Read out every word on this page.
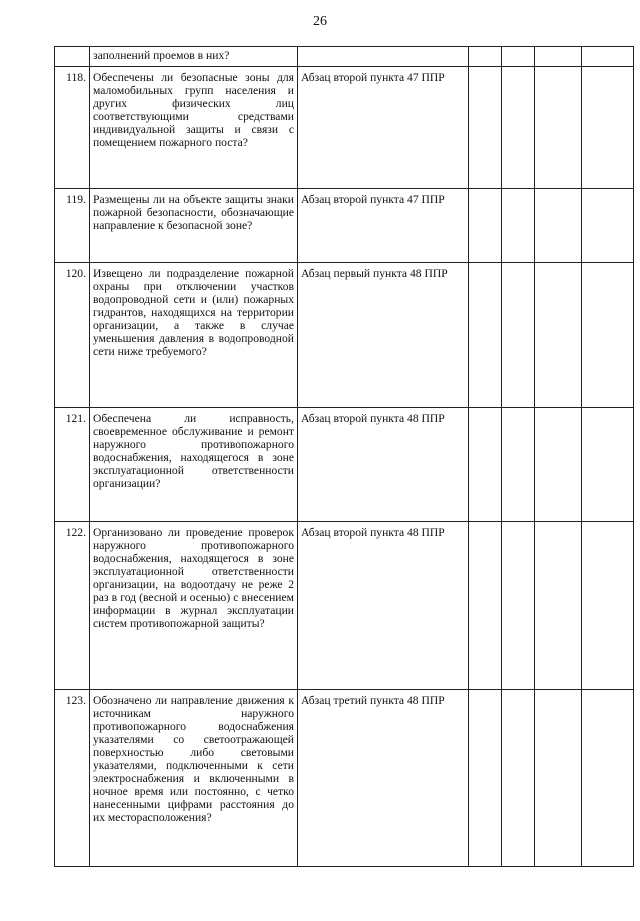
26
	заполнений проемов в них?					
118.	Обеспечены ли безопасные зоны для маломобильных групп населения и других физических лиц соответствующими средствами индивидуальной защиты и связи с помещением пожарного поста?	Абзац второй пункта 47 ППР				
119.	Размещены ли на объекте защиты знаки пожарной безопасности, обозначающие направление к безопасной зоне?	Абзац второй пункта 47 ППР				
120.	Извещено ли подразделение пожарной охраны при отключении участков водопроводной сети и (или) пожарных гидрантов, находящихся на территории организации, а также в случае уменьшения давления в водопроводной сети ниже требуемого?	Абзац первый пункта 48 ППР				
121.	Обеспечена ли исправность, своевременное обслуживание и ремонт наружного противопожарного водоснабжения, находящегося в зоне эксплуатационной ответственности организации?	Абзац второй пункта 48 ППР				
122.	Организовано ли проведение проверок наружного противопожарного водоснабжения, находящегося в зоне эксплуатационной ответственности организации, на водоотдачу не реже 2 раз в год (весной и осенью) с внесением информации в журнал эксплуатации систем противопожарной защиты?	Абзац второй пункта 48 ППР				
123.	Обозначено ли направление движения к источникам наружного противопожарного водоснабжения указателями со светоотражающей поверхностью либо световыми указателями, подключенными к сети электроснабжения и включенными в ночное время или постоянно, с четко нанесенными цифрами расстояния до их месторасположения?	Абзац третий пункта 48 ППР				
